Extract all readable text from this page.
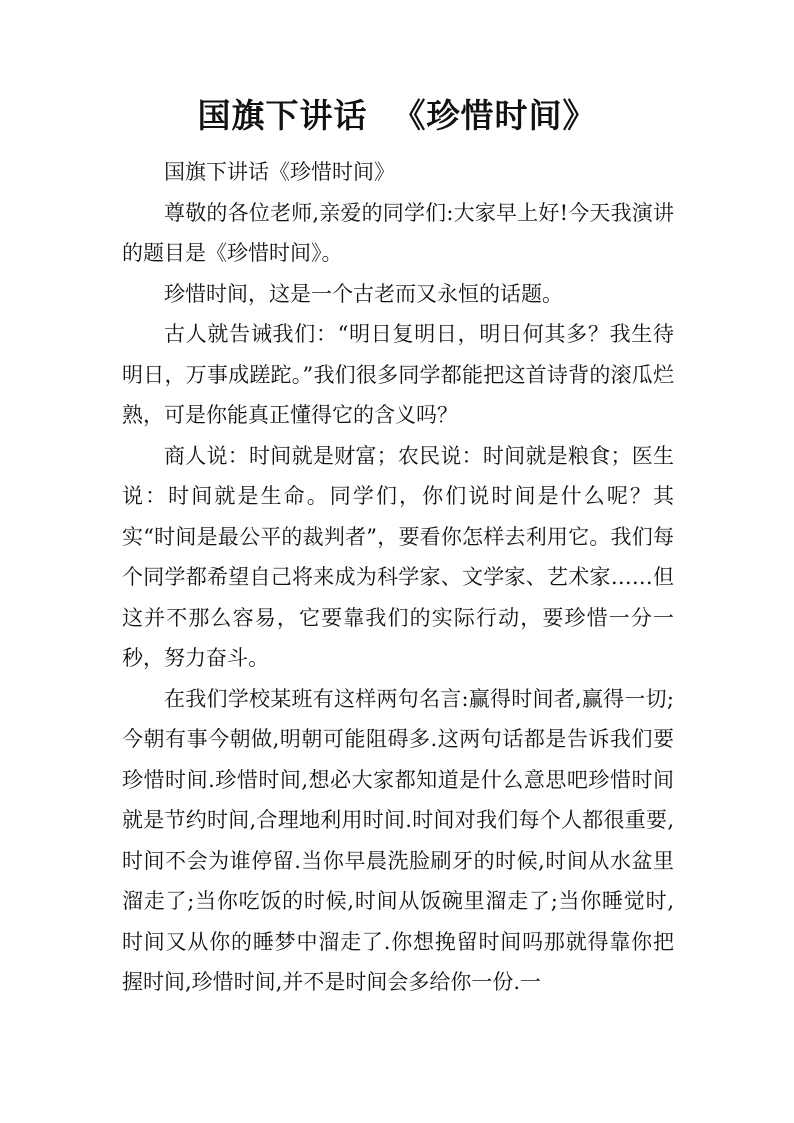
国旗下讲话  《珍惜时间》

国旗下讲话《珍惜时间》

尊敬的各位老师,亲爱的同学们:大家早上好!今天我演讲的题目是《珍惜时间》。

珍惜时间，这是一个古老而又永恒的话题。

古人就告诫我们：“明日复明日，明日何其多？我生待明日，万事成蹉跎。”我们很多同学都能把这首诗背的滚瓜烂熟，可是你能真正懂得它的含义吗？

商人说：时间就是财富；农民说：时间就是粮食；医生说：时间就是生命。同学们，你们说时间是什么呢？其实“时间是最公平的裁判者”，要看你怎样去利用它。我们每个同学都希望自己将来成为科学家、文学家、艺术家……但这并不那么容易，它要靠我们的实际行动，要珍惜一分一秒，努力奋斗。

在我们学校某班有这样两句名言:赢得时间者,赢得一切;今朝有事今朝做,明朝可能阻碍多.这两句话都是告诉我们要珍惜时间.珍惜时间,想必大家都知道是什么意思吧珍惜时间就是节约时间,合理地利用时间.时间对我们每个人都很重要,时间不会为谁停留.当你早晨洗脸刷牙的时候,时间从水盆里溜走了;当你吃饭的时候,时间从饭碗里溜走了;当你睡觉时,时间又从你的睡梦中溜走了.你想挽留时间吗那就得靠你把握时间,珍惜时间,并不是时间会多给你一份.一
